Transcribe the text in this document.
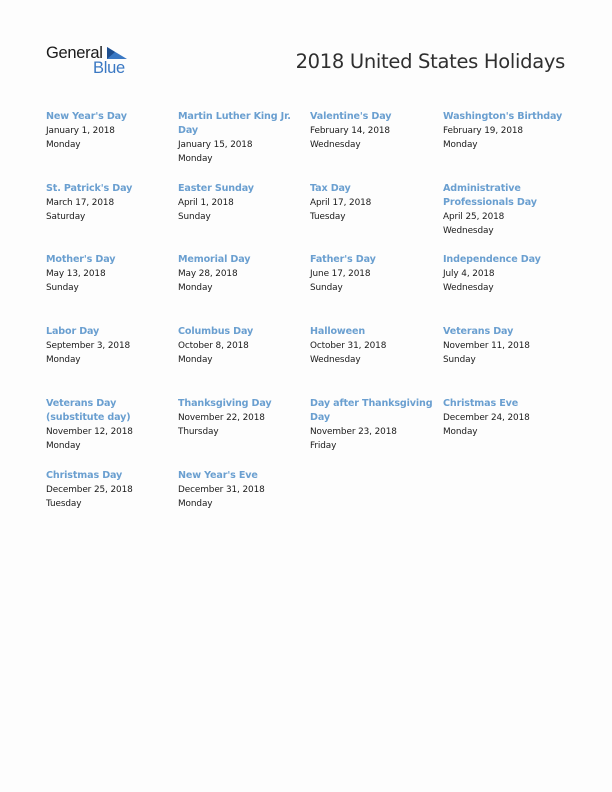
General
Blue	2018 United States Holidays
New Year's Day
January 1, 2018
Monday
Martin Luther King Jr. Day
January 15, 2018
Monday
Valentine's Day
February 14, 2018
Wednesday
Washington's Birthday
February 19, 2018
Monday
St. Patrick's Day
March 17, 2018
Saturday
Easter Sunday
April 1, 2018
Sunday
Tax Day
April 17, 2018
Tuesday
Administrative Professionals Day
April 25, 2018
Wednesday
Mother's Day
May 13, 2018
Sunday
Memorial Day
May 28, 2018
Monday
Father's Day
June 17, 2018
Sunday
Independence Day
July 4, 2018
Wednesday
Labor Day
September 3, 2018
Monday
Columbus Day
October 8, 2018
Monday
Halloween
October 31, 2018
Wednesday
Veterans Day
November 11, 2018
Sunday
Veterans Day (substitute day)
November 12, 2018
Monday
Thanksgiving Day
November 22, 2018
Thursday
Day after Thanksgiving Day
November 23, 2018
Friday
Christmas Eve
December 24, 2018
Monday
Christmas Day
December 25, 2018
Tuesday
New Year's Eve
December 31, 2018
Monday
